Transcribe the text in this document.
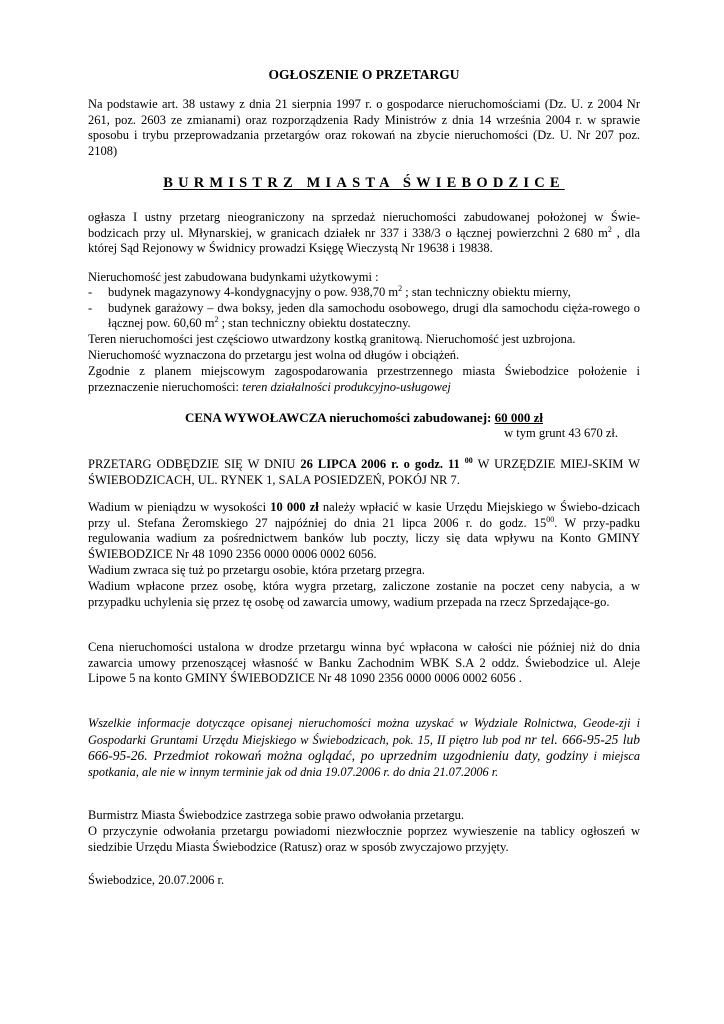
OGŁOSZENIE O PRZETARGU

Na podstawie art. 38 ustawy z dnia 21 sierpnia 1997 r. o gospodarce nieruchomościami (Dz. U. z 2004 Nr 261, poz. 2603 ze zmianami) oraz rozporządzenia Rady Ministrów z dnia 14 września 2004 r. w sprawie sposobu i trybu przeprowadzania przetargów oraz rokowań na zbycie nieruchomości (Dz. U. Nr 207 poz. 2108)

BURMISTRZ MIASTA ŚWIEBODZICE

ogłasza I ustny przetarg nieograniczony na sprzedaż nieruchomości zabudowanej położonej w Świe-bodzicach przy ul. Młynarskiej, w granicach działek nr 337 i 338/3 o łącznej powierzchni 2 680 $m^2$ , dla której Sąd Rejonowy w Świdnicy prowadzi Księgę Wieczystą Nr 19638 i 19838.

Nieruchomość jest zabudowana budynkami użytkowymi :

- budynek magazynowy 4-kondygnacyjny o pow. 938,70 $m^2$ ; stan techniczny obiektu mierny,
- budynek garażowy – dwa boksy, jeden dla samochodu osobowego, drugi dla samochodu cięża-rowego o łącznej pow. 60,60 $m^2$ ; stan techniczny obiektu dostateczny.

Teren nieruchomości jest częściowo utwardzony kostką granitową. Nieruchomość jest uzbrojona.

Nieruchomość wyznaczona do przetargu jest wolna od długów i obciążeń.

Zgodnie z planem miejscowym zagospodarowania przestrzennego miasta Świebodzice położenie i przeznaczenie nieruchomości: teren działalności produkcyjno-usługowej

CENA WYWOŁAWCZA nieruchomości zabudowanej: 60 000 zł

w tym grunt 43 670 zł.

PRZETARG ODBĘDZIE SIĘ W DNIU 26 LIPCA 2006 r. o godz. 11 $^{00}$ W URZĘDZIE MIEJ-SKIM W ŚWIEBODZICACH, UL. RYNEK 1, SALA POSIEDZEŃ, POKÓJ NR 7.

Wadium w pieniądzu w wysokości 10 000 zł należy wpłacić w kasie Urzędu Miejskiego w Świebo-dzicach przy ul. Stefana Żeromskiego 27 najpóźniej do dnia 21 lipca 2006 r. do godz. $15^{00}$. W przy-padku regulowania wadium za pośrednictwem banków lub poczty, liczy się data wpływu na Konto GMINY ŚWIEBODZICE Nr 48 1090 2356 0000 0006 0002 6056.

Wadium zwraca się tuż po przetargu osobie, która przetarg przegra.

Wadium wpłacone przez osobę, która wygra przetarg, zaliczone zostanie na poczet ceny nabycia, a w przypadku uchylenia się przez tę osobę od zawarcia umowy, wadium przepada na rzecz Sprzedające-go.

Cena nieruchomości ustalona w drodze przetargu winna być wpłacona w całości nie później niż do dnia zawarcia umowy przenoszącej własność w Banku Zachodnim WBK S.A 2 oddz. Świebodzice ul. Aleje Lipowe 5 na konto GMINY ŚWIEBODZICE Nr 48 1090 2356 0000 0006 0002 6056 .

Wszelkie informacje dotyczące opisanej nieruchomości można uzyskać w Wydziale Rolnictwa, Geode-zji i Gospodarki Gruntami Urzędu Miejskiego w Świebodzicach, pok. 15, II piętro lub pod nr tel. 666-95-25 lub 666-95-26. Przedmiot rokowań można oglądać, po uprzednim uzgodnieniu daty, godziny i miejsca spotkania, ale nie w innym terminie jak od dnia 19.07.2006 r. do dnia 21.07.2006 r.

Burmistrz Miasta Świebodzice zastrzega sobie prawo odwołania przetargu.

O przyczynie odwołania przetargu powiadomi niezwłocznie poprzez wywieszenie na tablicy ogłoszeń w siedzibie Urzędu Miasta Świebodzice (Ratusz) oraz w sposób zwyczajowo przyjęty.

Świebodzice, 20.07.2006 r.
